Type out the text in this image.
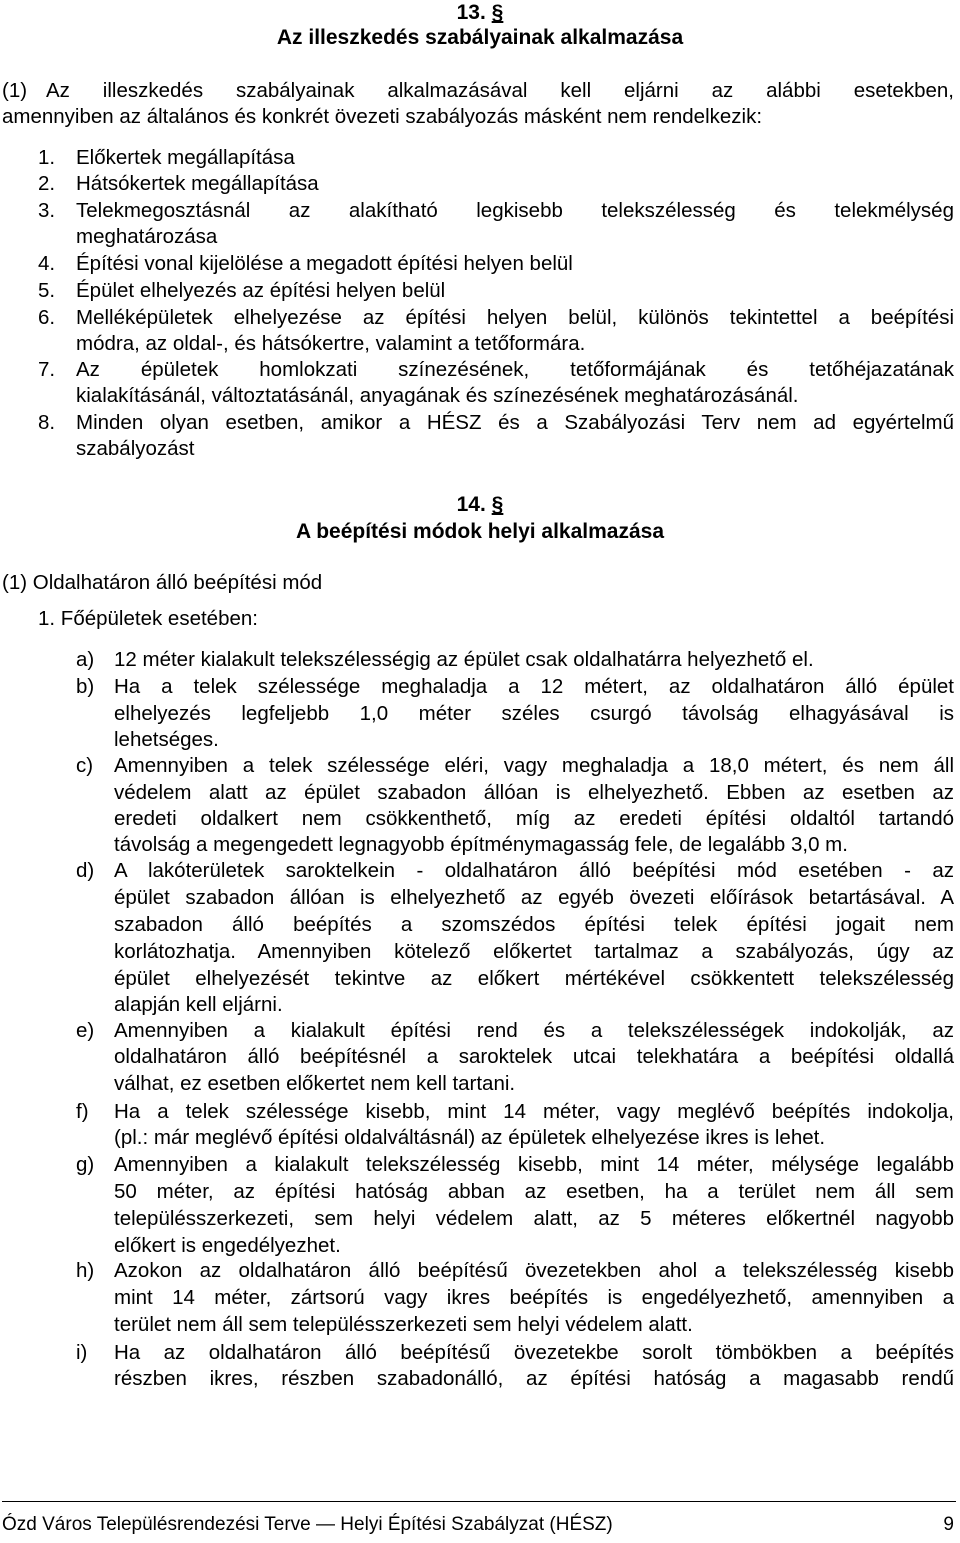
13. §
Az illeszkedés szabályainak alkalmazása
(1) Az illeszkedés szabályainak alkalmazásával kell eljárni az alábbi esetekben,
amennyiben az általános és konkrét övezeti szabályozás másként nem rendelkezik:
1. Előkertek megállapítása
2. Hátsókertek megállapítása
3. Telekmegosztásnál az alakítható legkisebb telekszélesség és telekmélység
meghatározása
4. Építési vonal kijelölése a megadott építési helyen belül
5. Épület elhelyezés az építési helyen belül
6. Melléképületek elhelyezése az építési helyen belül, különös tekintettel a beépítési
módra, az oldal-, és hátsókertre, valamint a tetőformára.
7. Az épületek homlokzati színezésének, tetőformájának és tetőhéjazatának
kialakításánál, változtatásánál, anyagának és színezésének meghatározásánál.
8. Minden olyan esetben, amikor a HÉSZ és a Szabályozási Terv nem ad egyértelmű
szabályozást
14. §
A beépítési módok helyi alkalmazása
(1) Oldalhatáron álló beépítési mód
1. Főépületek esetében:
a) 12 méter kialakult telekszélességig az épület csak oldalhatárra helyezhető el.
b) Ha a telek szélessége meghaladja a 12 métert, az oldalhatáron álló épület
elhelyezés legfeljebb 1,0 méter széles csurgó távolság elhagyásával is
lehetséges.
c) Amennyiben a telek szélessége eléri, vagy meghaladja a 18,0 métert, és nem áll
védelem alatt az épület szabadon állóan is elhelyezhető. Ebben az esetben az
eredeti oldalkert nem csökkenthető, míg az eredeti építési oldaltól tartandó
távolság a megengedett legnagyobb építménymagasság fele, de legalább 3,0 m.
d) A lakóterületek saroktelkein - oldalhatáron álló beépítési mód esetében - az
épület szabadon állóan is elhelyezhető az egyéb övezeti előírások betartásával. A
szabadon álló beépítés a szomszédos építési telek építési jogait nem
korlátozhatja. Amennyiben kötelező előkertet tartalmaz a szabályozás, úgy az
épület elhelyezését tekintve az előkert mértékével csökkentett telekszélesség
alapján kell eljárni.
e) Amennyiben a kialakult építési rend és a telekszélességek indokolják, az
oldalhatáron álló beépítésnél a saroktelek utcai telekhatára a beépítési oldallá
válhat, ez esetben előkertet nem kell tartani.
f) Ha a telek szélessége kisebb, mint 14 méter, vagy meglévő beépítés indokolja,
(pl.: már meglévő építési oldalváltásnál) az épületek elhelyezése ikres is lehet.
g) Amennyiben a kialakult telekszélesség kisebb, mint 14 méter, mélysége legalább
50 méter, az építési hatóság abban az esetben, ha a terület nem áll sem
településszerkezeti, sem helyi védelem alatt, az 5 méteres előkertnél nagyobb
előkert is engedélyezhet.
h) Azokon az oldalhatáron álló beépítésű övezetekben ahol a telekszélesség kisebb
mint 14 méter, zártsorú vagy ikres beépítés is engedélyezhető, amennyiben a
terület nem áll sem településszerkezeti sem helyi védelem alatt.
i) Ha az oldalhatáron álló beépítésű övezetekbe sorolt tömbökben a beépítés
részben ikres, részben szabadonálló, az építési hatóság a magasabb rendű
Ózd Város Településrendezési Terve — Helyi Építési Szabályzat (HÉSZ)	9
